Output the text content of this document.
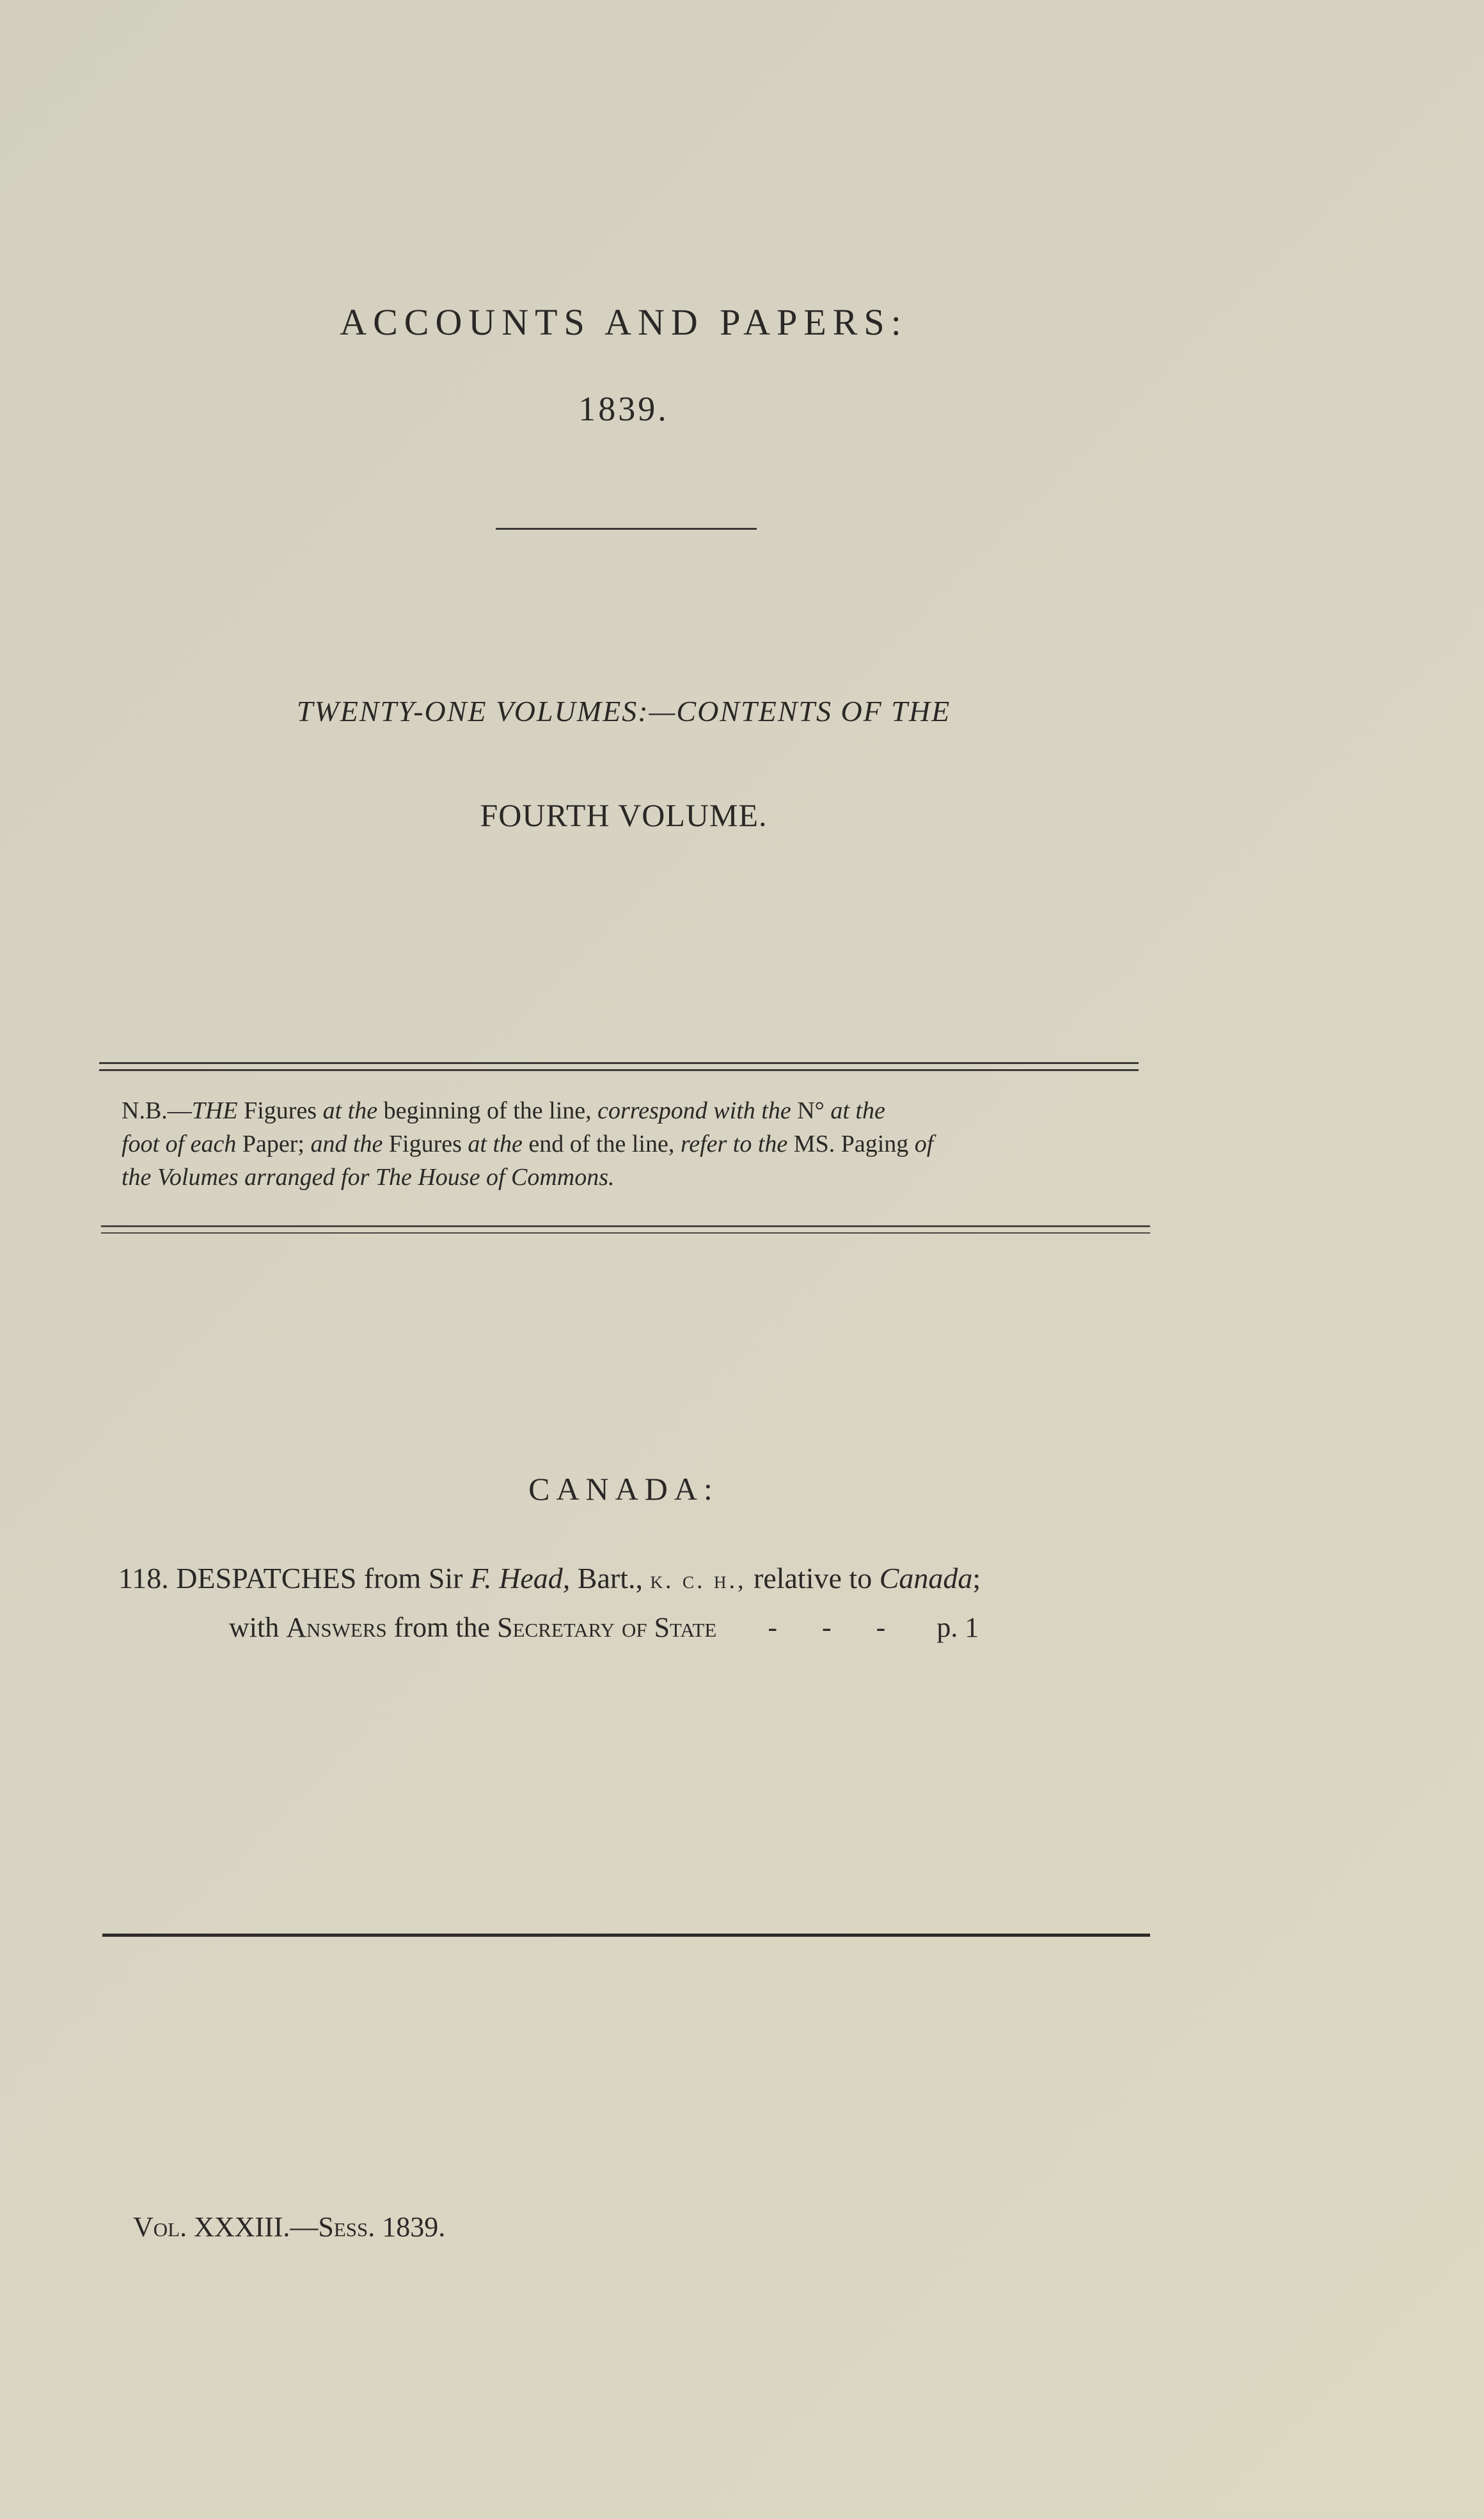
ACCOUNTS AND PAPERS:
1839.
TWENTY-ONE VOLUMES:—CONTENTS OF THE
FOURTH VOLUME.
N.B.—THE Figures at the beginning of the line, correspond with the N° at the
foot of each Paper; and the Figures at the end of the line, refer to the MS. Paging of
the Volumes arranged for The House of Commons.
CANADA:
118. DESPATCHES from Sir F. Head, Bart., k. c. h., relative to Canada;
with Answers from the Secretary of State - - - p. 1
Vol. XXXIII.—Sess. 1839.
